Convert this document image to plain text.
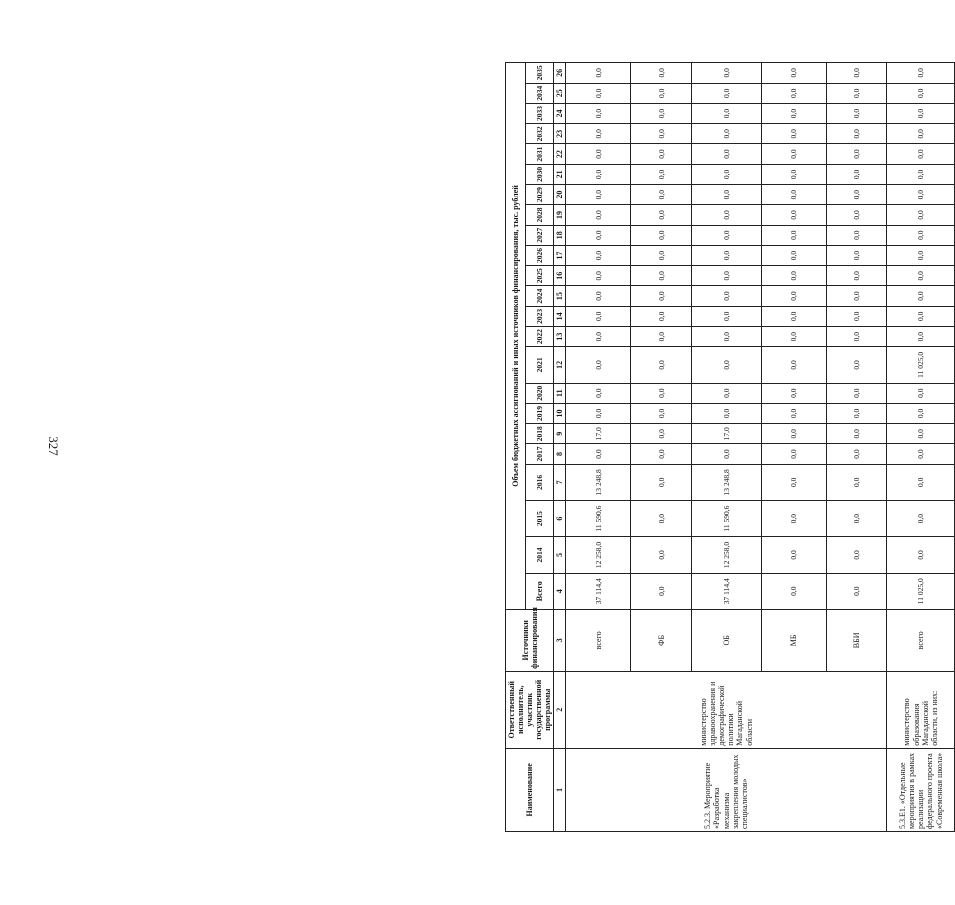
327
Наименование	Ответственный исполнитель, участник государственной программы	Источники финансирования	Объем бюджетных ассигнований и иных источников финансирования, тыс. рублей																						
			Всего	2014	2015	2016	2017	2018	2019	2020	2021	2022	2023	2024	2025	2026	2027	2028	2029	2030	2031	2032	2033	2034	2035
1	2	3	4	5	6	7	8	9	10	11	12	13	14	15	16	17	18	19	20	21	22	23	24	25	26
5.2.3. Мероприятие «Разработка механизма закрепления молодых специалистов»	министерство здравоохранения и демографической политики Магаданской области	всего	37 114,4	12 258,0	11 590,6	13 248,8	0,0	17,0	0,0	0,0	0,0	0,0	0,0	0,0	0,0	0,0	0,0	0,0	0,0	0,0	0,0	0,0	0,0	0,0	0,0
		ФБ	0,0	0,0	0,0	0,0	0,0	0,0	0,0	0,0	0,0	0,0	0,0	0,0	0,0	0,0	0,0	0,0	0,0	0,0	0,0	0,0	0,0	0,0	0,0
		ОБ	37 114,4	12 258,0	11 590,6	13 248,8	0,0	17,0	0,0	0,0	0,0	0,0	0,0	0,0	0,0	0,0	0,0	0,0	0,0	0,0	0,0	0,0	0,0	0,0	0,0
		МБ	0,0	0,0	0,0	0,0	0,0	0,0	0,0	0,0	0,0	0,0	0,0	0,0	0,0	0,0	0,0	0,0	0,0	0,0	0,0	0,0	0,0	0,0	0,0
		ВБИ	0,0	0,0	0,0	0,0	0,0	0,0	0,0	0,0	0,0	0,0	0,0	0,0	0,0	0,0	0,0	0,0	0,0	0,0	0,0	0,0	0,0	0,0	0,0
5.3.Е1. «Отдельные мероприятия в рамках реализации федерального проекта «Современная школа»	министерство образования Магаданской области, из них:	всего	11 025,0	0,0	0,0	0,0	0,0	0,0	0,0	0,0	11 025,0	0,0	0,0	0,0	0,0	0,0	0,0	0,0	0,0	0,0	0,0	0,0	0,0	0,0	0,0
